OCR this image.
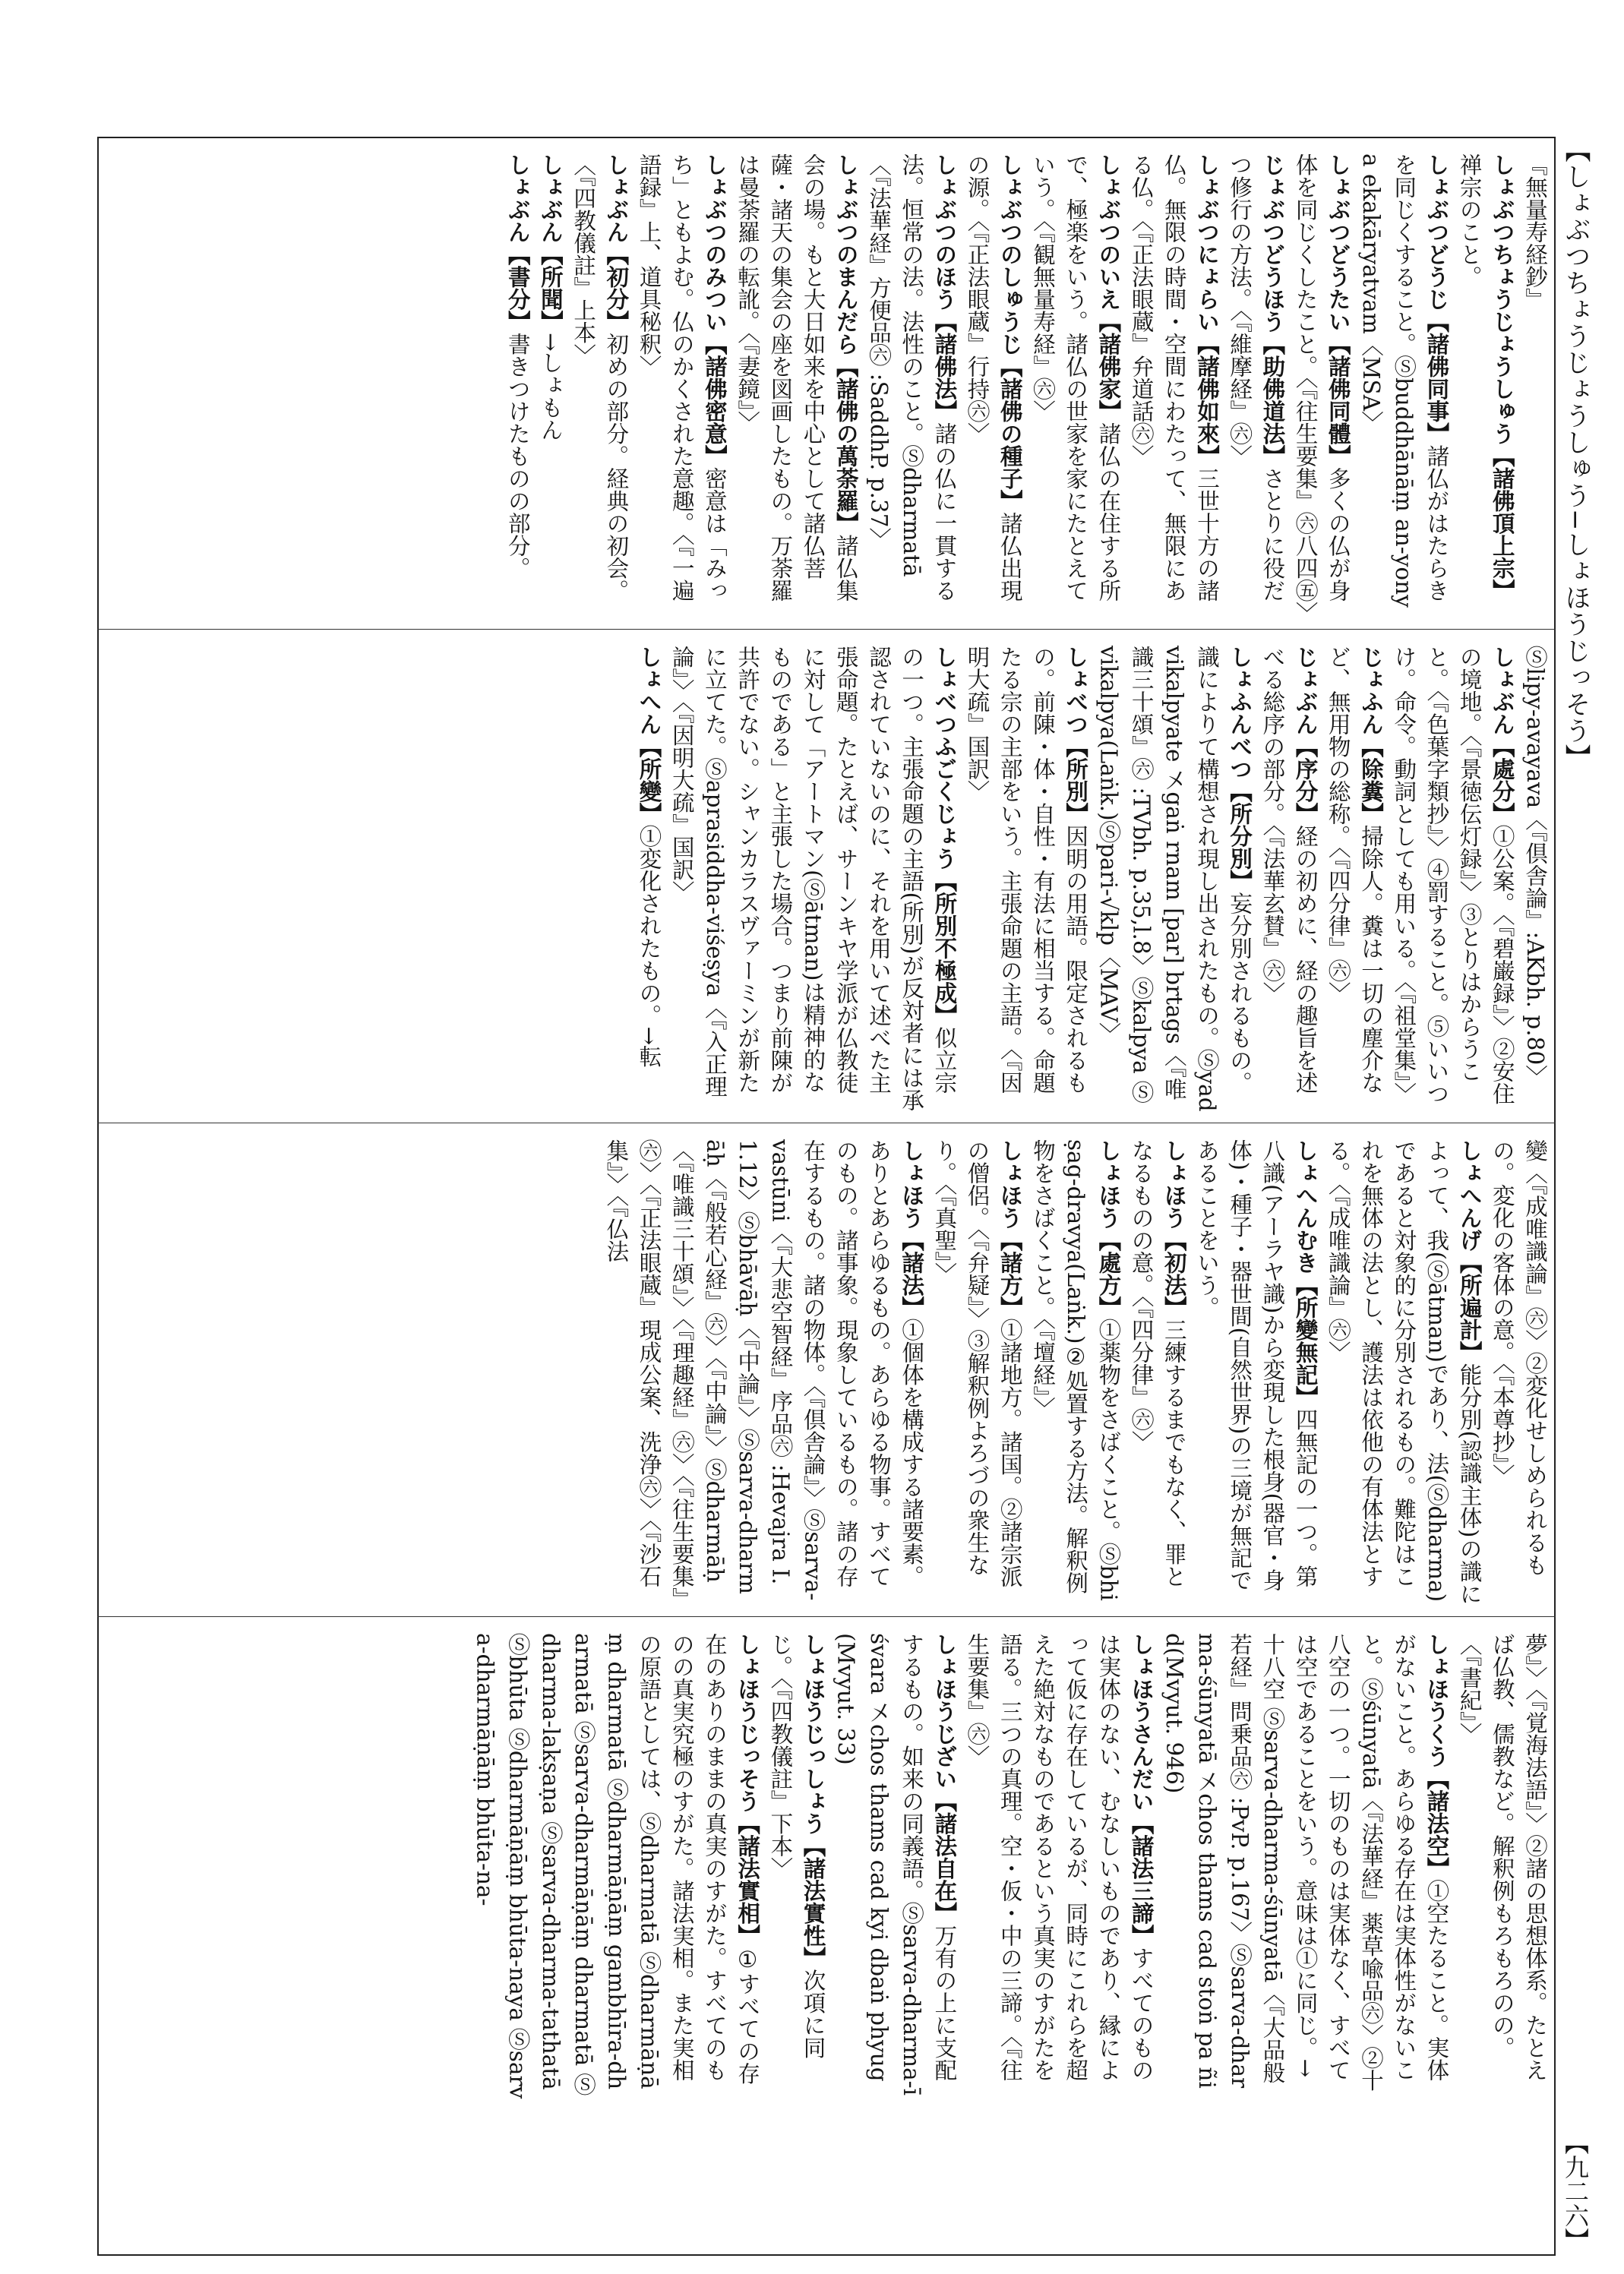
【しょぶつちょうじょうしゅう−しょほうじっそう】
【九二六】
『無量寿経鈔』
しょぶつちょうじょうしゅう【諸佛頂上宗】禅宗のこと。
しょぶつどうじ【諸佛同事】諸仏がはたらきを同じくすること。Ⓢbuddhānāṃ an-yonya ekakāryatvam〈MSA〉
しょぶつどうたい【諸佛同體】多くの仏が身体を同じくしたこと。〈『往生要集』㊅八四㊄〉
じょぶつどうほう【助佛道法】さとりに役だつ修行の方法。〈『維摩経』㊅〉
しょぶつにょらい【諸佛如來】三世十方の諸仏。無限の時間・空間にわたって、無限にある仏。〈『正法眼蔵』弁道話㊅〉
しょぶつのいえ【諸佛家】諸仏の在住する所で、極楽をいう。諸仏の世家を家にたとえていう。〈『観無量寿経』㊅〉
しょぶつのしゅうじ【諸佛の種子】諸仏出現の源。〈『正法眼蔵』行持㊅〉
しょぶつのほう【諸佛法】諸の仏に一貫する法。恒常の法。法性のこと。Ⓢdharmatā〈『法華経』方便品㊅ :SaddhP. p.37〉
しょぶつのまんだら【諸佛の萬荼羅】諸仏集会の場。もと大日如来を中心として諸仏菩薩・諸天の集会の座を図画したもの。万荼羅は曼荼羅の転訛。〈『妻鏡』〉
しょぶつのみつい【諸佛密意】密意は「みっち」ともよむ。仏のかくされた意趣。〈『一遍語録』上、道具秘釈〉
しょぶん【初分】初めの部分。経典の初会。〈『四教儀註』上本〉
しょぶん【所聞】→しょもん
しょぶん【書分】書きつけたものの部分。
Ⓢlipy-avayava〈『倶舎論』:AKbh. p.80〉
しょぶん【處分】①公案。〈『碧巌録』〉②安住の境地。〈『景徳伝灯録』〉③とりはからうこと。〈『色葉字類抄』〉④罰すること。⑤いいつけ。命令。動詞としても用いる。〈『祖堂集』〉
じょふん【除糞】掃除人。糞は一切の塵介など、無用物の総称。〈『四分律』㊅〉
じょぶん【序分】経の初めに、経の趣旨を述べる総序の部分。〈『法華玄賛』㊅〉
しょふんべつ【所分別】妄分別されるもの。識によりて構想され現し出されたもの。Ⓢyad vikalpyate 㐅gaṅ rnam [par] brtags〈『唯識三十頌』㊅ :TVbh. p.35,l.8〉Ⓢkalpya Ⓢvikalpya(Laṅk.)Ⓢpari-√klp〈MAV〉
しょべつ【所別】因明の用語。限定されるもの。前陳・体・自性・有法に相当する。命題たる宗の主部をいう。主張命題の主語。〈『因明大疏』国訳〉
しょべつふごくじょう【所別不極成】似立宗の一つ。主張命題の主語(所別)が反対者には承認されていないのに、それを用いて述べた主張命題。たとえば、サーンキヤ学派が仏教徒に対して「アートマン(Ⓢātman)は精神的なものである」と主張した場合。つまり前陳が共許でない。シャンカラスヴァーミンが新たに立てた。Ⓢaprasiddha-viśeṣya〈『入正理論』〉〈『因明大疏』国訳〉
しょへん【所變】①変化されたもの。→転
變〈『成唯識論』㊅〉②変化せしめられるもの。変化の客体の意。〈『本尊抄』〉
しょへんげ【所遍計】能分別(認識主体)の識によって、我(Ⓢātman)であり、法(Ⓢdharma)であると対象的に分別されるもの。難陀はこれを無体の法とし、護法は依他の有体法とする。〈『成唯識論』㊅〉
しょへんむき【所變無記】四無記の一つ。第八識(アーラヤ識)から変現した根身(器官・身体)・種子・器世間(自然世界)の三境が無記であることをいう。
しょほう【初法】三練するまでもなく、罪となるものの意。〈『四分律』㊅〉
しょほう【處方】①薬物をさばくこと。Ⓢbhiṣag-dravya(Laṅk.)②処置する方法。解釈例物をさばくこと。〈『壇経』〉
しょほう【諸方】①諸地方。諸国。②諸宗派の僧侶。〈『弁疑』〉③解釈例よろづの衆生なり。〈『真聖』〉
しょほう【諸法】①個体を構成する諸要素。ありとあらゆるもの。あらゆる物事。すべてのもの。諸事象。現象しているもの。諸の存在するもの。諸の物体。〈『倶舎論』〉Ⓢsarva-vastūni〈『大悲空智経』序品㊅ :Hevajra I.1.12〉Ⓢbhāvāḥ〈『中論』〉Ⓢsarva-dharmāḥ〈『般若心経』㊅〉〈『中論』〉Ⓢdharmāḥ〈『唯識三十頌』〉〈『理趣経』㊅〉〈『往生要集』㊅〉〈『正法眼蔵』現成公案、洗浄㊅〉〈『沙石集』〉〈『仏法
夢』〉〈『覚海法語』〉②諸の思想体系。たとえば仏教、儒教など。解釈例もろもろのの。〈『書紀』〉
しょほうくう【諸法空】①空たること。実体がないこと。あらゆる存在は実体性がないこと。Ⓢśūnyatā〈『法華経』薬草喩品㊅〉②十八空の一つ。一切のものは実体なく、すべては空であることをいう。意味は①に同じ。→十八空 Ⓢsarva-dharma-śūnyatā〈『大品般若経』問乗品㊅ :PvP. p.167〉Ⓢsarva-dharma-śūnyatā 㐅chos thams cad stoṅ pa ñid(Mvyut. 946)
しょほうさんだい【諸法三諦】すべてのものは実体のない、むなしいものであり、縁によって仮に存在しているが、同時にこれらを超えた絶対なものであるという真実のすがたを語る。三つの真理。空・仮・中の三諦。〈『往生要集』㊅〉
しょほうじざい【諸法自在】万有の上に支配するもの。如来の同義語。Ⓢsarva-dharma-īśvara 㐅chos thams cad kyi dbaṅ phyug(Mvyut. 33)
しょほうじっしょう【諸法實性】次項に同じ。〈『四教儀註』下本〉
しょほうじっそう【諸法實相】①すべての存在のありのままの真実のすがた。すべてのものの真実究極のすがた。諸法実相。また実相の原語としては、Ⓢdharmatā Ⓢdharmāṇāṃ dharmatā Ⓢdharmāṇāṃ gambhīra-dharmatā Ⓢsarva-dharmāṇāṃ dharmatā Ⓢdharma-lakṣaṇa Ⓢsarva-dharma-tathatā Ⓢbhūta Ⓢdharmāṇāṃ bhūta-naya Ⓢsarva-dharmāṇāṃ bhūta-na-
